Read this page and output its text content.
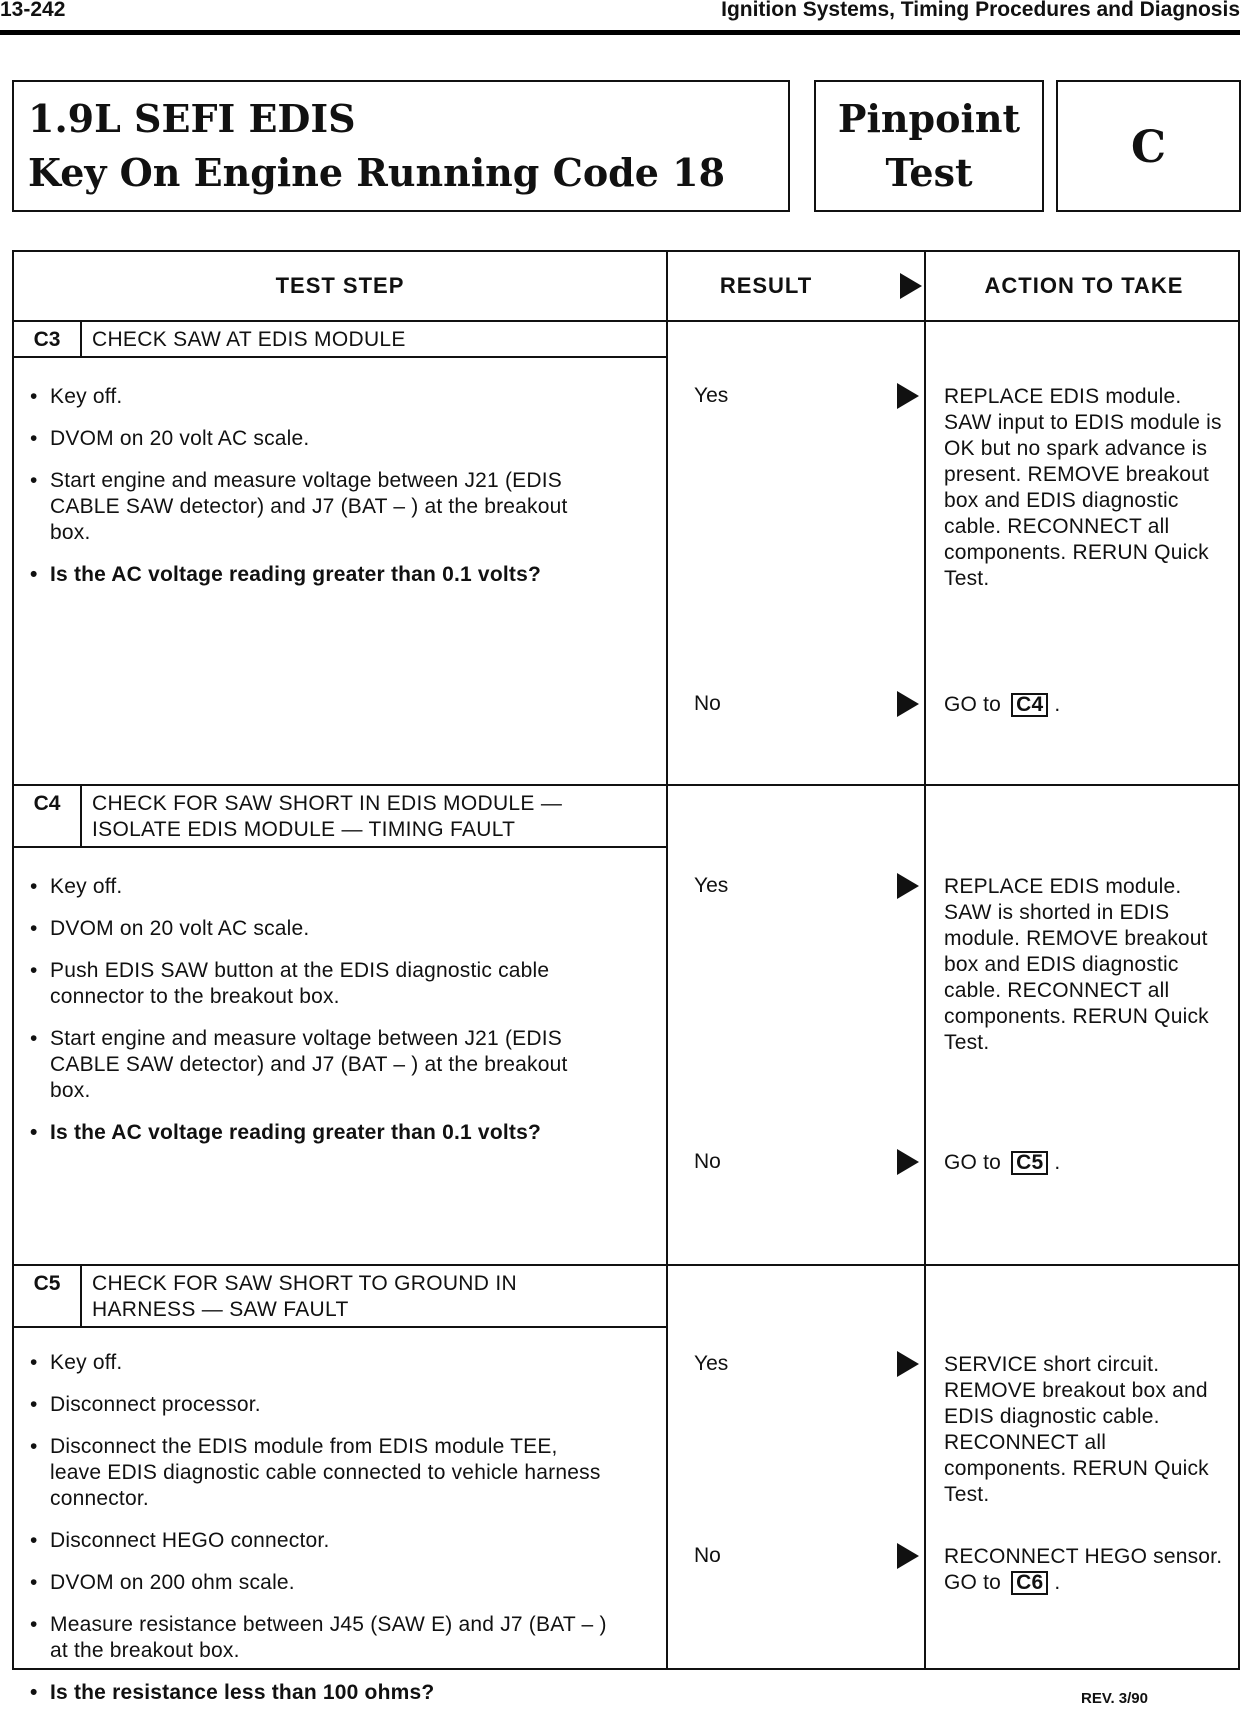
13-242	Ignition Systems, Timing Procedures and Diagnosis
1.9L SEFI EDIS
Key On Engine Running Code 18
Pinpoint
Test	C
TEST STEP	RESULT	ACTION TO TAKE
C3	CHECK SAW AT EDIS MODULE
• Key off.
• DVOM on 20 volt AC scale.
• Start engine and measure voltage between J21 (EDIS CABLE SAW detector) and J7 (BAT – ) at the breakout box.
• Is the AC voltage reading greater than 0.1 volts?
Yes	REPLACE EDIS module. SAW input to EDIS module is OK but no spark advance is present. REMOVE breakout box and EDIS diagnostic cable. RECONNECT all components. RERUN Quick Test.
No	GO to C4 .
C4	CHECK FOR SAW SHORT IN EDIS MODULE — ISOLATE EDIS MODULE — TIMING FAULT
• Key off.
• DVOM on 20 volt AC scale.
• Push EDIS SAW button at the EDIS diagnostic cable connector to the breakout box.
• Start engine and measure voltage between J21 (EDIS CABLE SAW detector) and J7 (BAT – ) at the breakout box.
• Is the AC voltage reading greater than 0.1 volts?
Yes	REPLACE EDIS module. SAW is shorted in EDIS module. REMOVE breakout box and EDIS diagnostic cable. RECONNECT all components. RERUN Quick Test.
No	GO to C5 .
C5	CHECK FOR SAW SHORT TO GROUND IN HARNESS — SAW FAULT
• Key off.
• Disconnect processor.
• Disconnect the EDIS module from EDIS module TEE, leave EDIS diagnostic cable connected to vehicle harness connector.
• Disconnect HEGO connector.
• DVOM on 200 ohm scale.
• Measure resistance between J45 (SAW E) and J7 (BAT – ) at the breakout box.
• Is the resistance less than 100 ohms?
Yes	SERVICE short circuit. REMOVE breakout box and EDIS diagnostic cable. RECONNECT all components. RERUN Quick Test.
No	RECONNECT HEGO sensor. GO to C6 .
REV. 3/90
